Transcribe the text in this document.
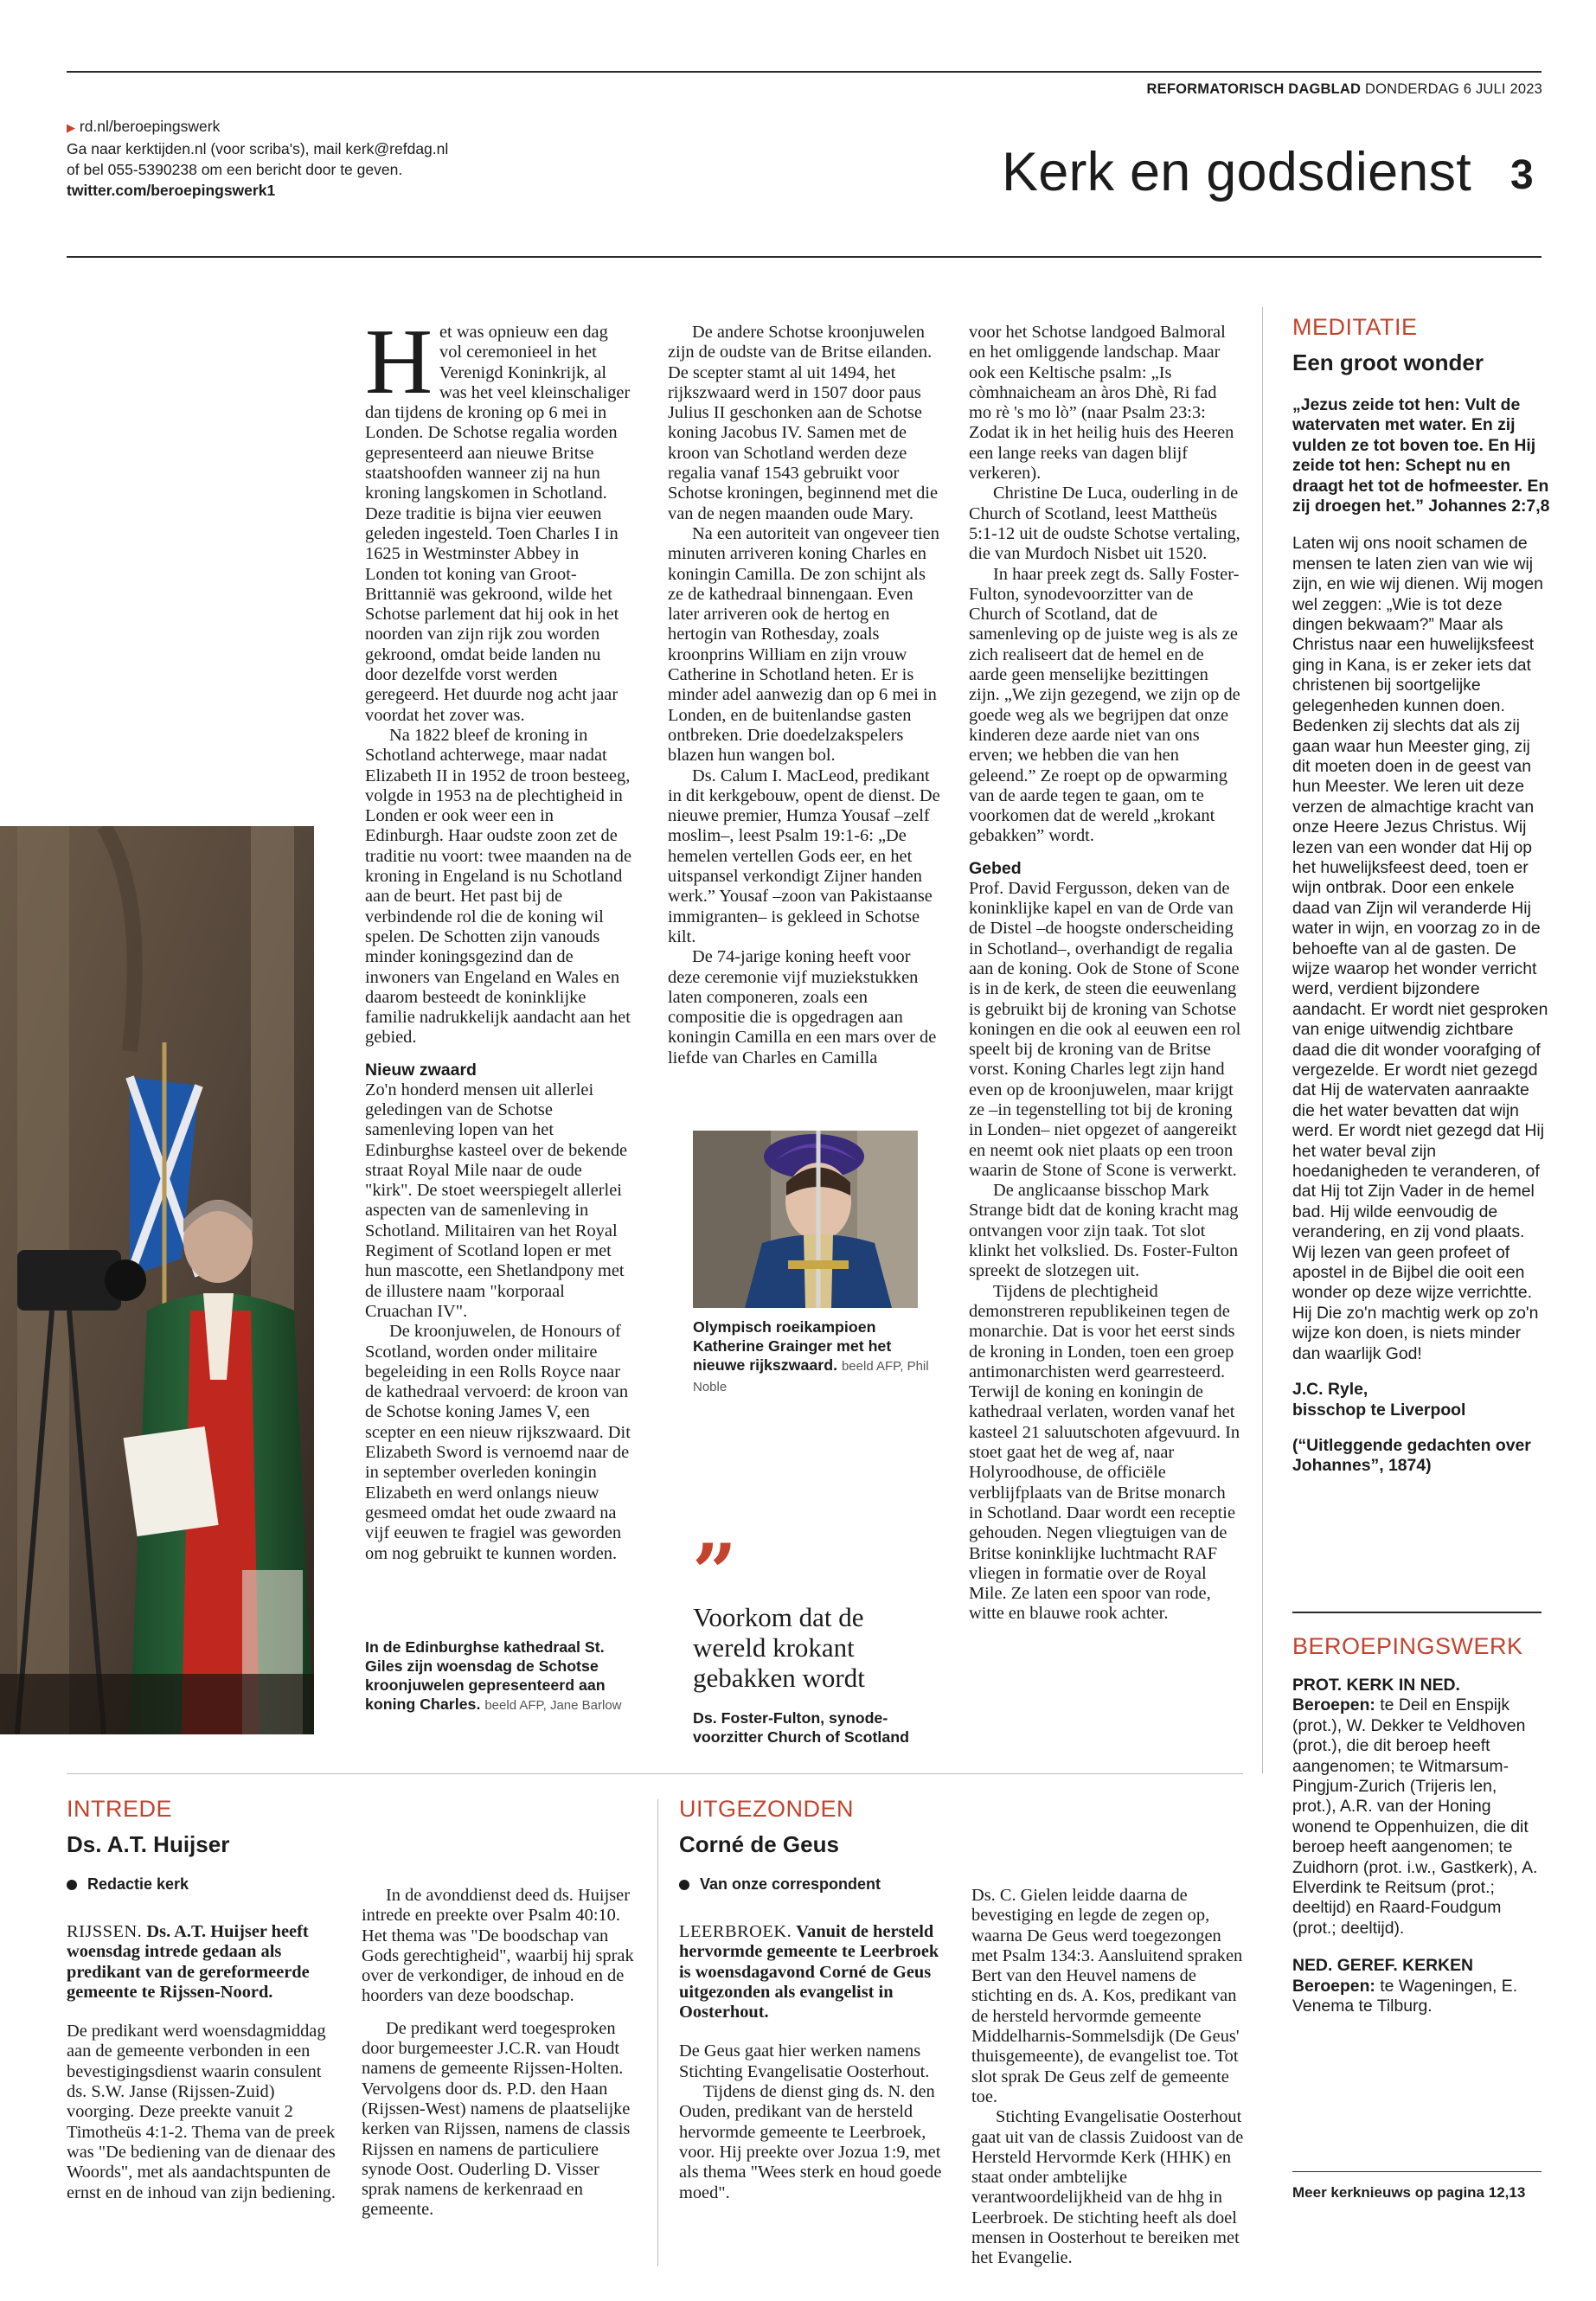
REFORMATORISCH DAGBLAD DONDERDAG 6 JULI 2023
▶ rd.nl/beroepingswerk
Ga naar kerktijden.nl (voor scriba's), mail kerk@refdag.nl
of bel 055-5390238 om een bericht door te geven.
twitter.com/beroepingswerk1	Kerk en godsdienst 3

H et was opnieuw een dag vol ceremonieel in het Verenigd Koninkrijk, al was het veel kleinschaliger dan tijdens de kroning op 6 mei in Londen. De Schotse regalia worden gepresenteerd aan nieuwe Britse staatshoofden wanneer zij na hun kroning langskomen in Schotland. Deze traditie is bijna vier eeuwen geleden ingesteld. Toen Charles I in 1625 in Westminster Abbey in Londen tot koning van Groot-Brittannië was gekroond, wilde het Schotse parlement dat hij ook in het noorden van zijn rijk zou worden gekroond, omdat beide landen nu door dezelfde vorst werden geregeerd. Het duurde nog acht jaar voordat het zover was.

Na 1822 bleef de kroning in Schotland achterwege, maar nadat Elizabeth II in 1952 de troon besteeg, volgde in 1953 na de plechtigheid in Londen er ook weer een in Edinburgh. Haar oudste zoon zet de traditie nu voort: twee maanden na de kroning in Engeland is nu Schotland aan de beurt. Het past bij de verbindende rol die de koning wil spelen. De Schotten zijn vanouds minder koningsgezind dan de inwoners van Engeland en Wales en daarom besteedt de koninklijke familie nadrukkelijk aandacht aan het gebied.

Nieuw zwaard

Zo'n honderd mensen uit allerlei geledingen van de Schotse samenleving lopen van het Edinburghse kasteel over de bekende straat Royal Mile naar de oude "kirk". De stoet weerspiegelt allerlei aspecten van de samenleving in Schotland. Militairen van het Royal Regiment of Scotland lopen er met hun mascotte, een Shetlandpony met de illustere naam "korporaal Cruachan IV".

De kroonjuwelen, de Honours of Scotland, worden onder militaire begeleiding in een Rolls Royce naar de kathedraal vervoerd: de kroon van de Schotse koning James V, een scepter en een nieuw rijkszwaard. Dit Elizabeth Sword is vernoemd naar de in september overleden koningin Elizabeth en werd onlangs nieuw gesmeed omdat het oude zwaard na vijf eeuwen te fragiel was geworden om nog gebruikt te kunnen worden.

In de Edinburghse kathedraal St. Giles zijn woensdag de Schotse kroonjuwelen gepresenteerd aan koning Charles. beeld AFP, Jane Barlow

De andere Schotse kroonjuwelen zijn de oudste van de Britse eilanden. De scepter stamt al uit 1494, het rijkszwaard werd in 1507 door paus Julius II geschonken aan de Schotse koning Jacobus IV. Samen met de kroon van Schotland werden deze regalia vanaf 1543 gebruikt voor Schotse kroningen, beginnend met die van de negen maanden oude Mary.

Na een autoriteit van ongeveer tien minuten arriveren koning Charles en koningin Camilla. De zon schijnt als ze de kathedraal binnengaan. Even later arriveren ook de hertog en hertogin van Rothesday, zoals kroonprins William en zijn vrouw Catherine in Schotland heten. Er is minder adel aanwezig dan op 6 mei in Londen, en de buitenlandse gasten ontbreken. Drie doedelzakspelers blazen hun wangen bol.

Ds. Calum I. MacLeod, predikant in dit kerkgebouw, opent de dienst. De nieuwe premier, Humza Yousaf –zelf moslim–, leest Psalm 19:1-6: „De hemelen vertellen Gods eer, en het uitspansel verkondigt Zijner handen werk.” Yousaf –zoon van Pakistaanse immigranten– is gekleed in Schotse kilt.

De 74-jarige koning heeft voor deze ceremonie vijf muziekstukken laten componeren, zoals een compositie die is opgedragen aan koningin Camilla en een mars over de liefde van Charles en Camilla

Olympisch roeikampioen Katherine Grainger met het nieuwe rijkszwaard. beeld AFP, Phil Noble
”
Voorkom dat de wereld krokant gebakken wordt
Ds. Foster-Fulton, synode-voorzitter Church of Scotland

voor het Schotse landgoed Balmoral en het omliggende landschap. Maar ook een Keltische psalm: „Is còmhnaicheam an àros Dhè, Ri fad mo rè 's mo lò” (naar Psalm 23:3: Zodat ik in het heilig huis des Heeren een lange reeks van dagen blijf verkeren).

Christine De Luca, ouderling in de Church of Scotland, leest Mattheüs 5:1-12 uit de oudste Schotse vertaling, die van Murdoch Nisbet uit 1520.

In haar preek zegt ds. Sally Foster-Fulton, synodevoorzitter van de Church of Scotland, dat de samenleving op de juiste weg is als ze zich realiseert dat de hemel en de aarde geen menselijke bezittingen zijn. „We zijn gezegend, we zijn op de goede weg als we begrijpen dat onze kinderen deze aarde niet van ons erven; we hebben die van hen geleend.” Ze roept op de opwarming van de aarde tegen te gaan, om te voorkomen dat de wereld „krokant gebakken” wordt.

Gebed

Prof. David Fergusson, deken van de koninklijke kapel en van de Orde van de Distel –de hoogste onderscheiding in Schotland–, overhandigt de regalia aan de koning. Ook de Stone of Scone is in de kerk, de steen die eeuwenlang is gebruikt bij de kroning van Schotse koningen en die ook al eeuwen een rol speelt bij de kroning van de Britse vorst. Koning Charles legt zijn hand even op de kroonjuwelen, maar krijgt ze –in tegenstelling tot bij de kroning in Londen– niet opgezet of aangereikt en neemt ook niet plaats op een troon waarin de Stone of Scone is verwerkt.

De anglicaanse bisschop Mark Strange bidt dat de koning kracht mag ontvangen voor zijn taak. Tot slot klinkt het volkslied. Ds. Foster-Fulton spreekt de slotzegen uit.

Tijdens de plechtigheid demonstreren republikeinen tegen de monarchie. Dat is voor het eerst sinds de kroning in Londen, toen een groep antimonarchisten werd gearresteerd. Terwijl de koning en koningin de kathedraal verlaten, worden vanaf het kasteel 21 saluutschoten afgevuurd. In stoet gaat het de weg af, naar Holyroodhouse, de officiële verblijfplaats van de Britse monarch in Schotland. Daar wordt een receptie gehouden. Negen vliegtuigen van de Britse koninklijke luchtmacht RAF vliegen in formatie over de Royal Mile. Ze laten een spoor van rode, witte en blauwe rook achter.

MEDITATIE
Een groot wonder

„Jezus zeide tot hen: Vult de watervaten met water. En zij vulden ze tot boven toe. En Hij zeide tot hen: Schept nu en draagt het tot de hofmeester. En zij droegen het.” Johannes 2:7,8

Laten wij ons nooit schamen de mensen te laten zien van wie wij zijn, en wie wij dienen. Wij mogen wel zeggen: „Wie is tot deze dingen bekwaam?” Maar als Christus naar een huwelijksfeest ging in Kana, is er zeker iets dat christenen bij soortgelijke gelegenheden kunnen doen. Bedenken zij slechts dat als zij gaan waar hun Meester ging, zij dit moeten doen in de geest van hun Meester. We leren uit deze verzen de almachtige kracht van onze Heere Jezus Christus. Wij lezen van een wonder dat Hij op het huwelijksfeest deed, toen er wijn ontbrak. Door een enkele daad van Zijn wil veranderde Hij water in wijn, en voorzag zo in de behoefte van al de gasten. De wijze waarop het wonder verricht werd, verdient bijzondere aandacht. Er wordt niet gesproken van enige uitwendig zichtbare daad die dit wonder voorafging of vergezelde. Er wordt niet gezegd dat Hij de watervaten aanraakte die het water bevatten dat wijn werd. Er wordt niet gezegd dat Hij het water beval zijn hoedanigheden te veranderen, of dat Hij tot Zijn Vader in de hemel bad. Hij wilde eenvoudig de verandering, en zij vond plaats. Wij lezen van geen profeet of apostel in de Bijbel die ooit een wonder op deze wijze verrichtte. Hij Die zo'n machtig werk op zo'n wijze kon doen, is niets minder dan waarlijk God!

J.C. Ryle,

bisschop te Liverpool

(“Uitleggende gedachten over Johannes”, 1874)

BEROEPINGSWERK

PROT. KERK IN NED.

Beroepen: te Deil en Enspijk (prot.), W. Dekker te Veldhoven (prot.), die dit beroep heeft aangenomen; te Witmarsum-Pingjum-Zurich (Trijeris len, prot.), A.R. van der Honing wonend te Oppenhuizen, die dit beroep heeft aangenomen; te Zuidhorn (prot. i.w., Gastkerk), A. Elverdink te Reitsum (prot.; deeltijd) en Raard-Foudgum (prot.; deeltijd).

NED. GEREF. KERKEN

Beroepen: te Wageningen, E. Venema te Tilburg.

Meer kerknieuws op pagina 12,13
INTREDE
Ds. A.T. Huijser
Redactie kerk

RIJSSEN. Ds. A.T. Huijser heeft woensdag intrede gedaan als predikant van de gereformeerde gemeente te Rijssen-Noord.

De predikant werd woensdagmiddag aan de gemeente verbonden in een bevestigingsdienst waarin consulent ds. S.W. Janse (Rijssen-Zuid) voorging. Deze preekte vanuit 2 Timotheüs 4:1-2. Thema van de preek was "De bediening van de dienaar des Woords", met als aandachtspunten de ernst en de inhoud van zijn bediening.

In de avonddienst deed ds. Huijser intrede en preekte over Psalm 40:10. Het thema was "De boodschap van Gods gerechtigheid", waarbij hij sprak over de verkondiger, de inhoud en de hoorders van deze boodschap.

De predikant werd toegesproken door burgemeester J.C.R. van Houdt namens de gemeente Rijssen-Holten. Vervolgens door ds. P.D. den Haan (Rijssen-West) namens de plaatselijke kerken van Rijssen, namens de classis Rijssen en namens de particuliere synode Oost. Ouderling D. Visser sprak namens de kerkenraad en gemeente.

UITGEZONDEN
Corné de Geus
Van onze correspondent

LEERBROEK. Vanuit de hersteld hervormde gemeente te Leerbroek is woensdagavond Corné de Geus uitgezonden als evangelist in Oosterhout.

De Geus gaat hier werken namens Stichting Evangelisatie Oosterhout.

Tijdens de dienst ging ds. N. den Ouden, predikant van de hersteld hervormde gemeente te Leerbroek, voor. Hij preekte over Jozua 1:9, met als thema "Wees sterk en houd goede moed".

Ds. C. Gielen leidde daarna de bevestiging en legde de zegen op, waarna De Geus werd toegezongen met Psalm 134:3. Aansluitend spraken Bert van den Heuvel namens de stichting en ds. A. Kos, predikant van de hersteld hervormde gemeente Middelharnis-Sommelsdijk (De Geus' thuisgemeente), de evangelist toe. Tot slot sprak De Geus zelf de gemeente toe.

Stichting Evangelisatie Oosterhout gaat uit van de classis Zuidoost van de Hersteld Hervormde Kerk (HHK) en staat onder ambtelijke verantwoordelijkheid van de hhg in Leerbroek. De stichting heeft als doel mensen in Oosterhout te bereiken met het Evangelie.
